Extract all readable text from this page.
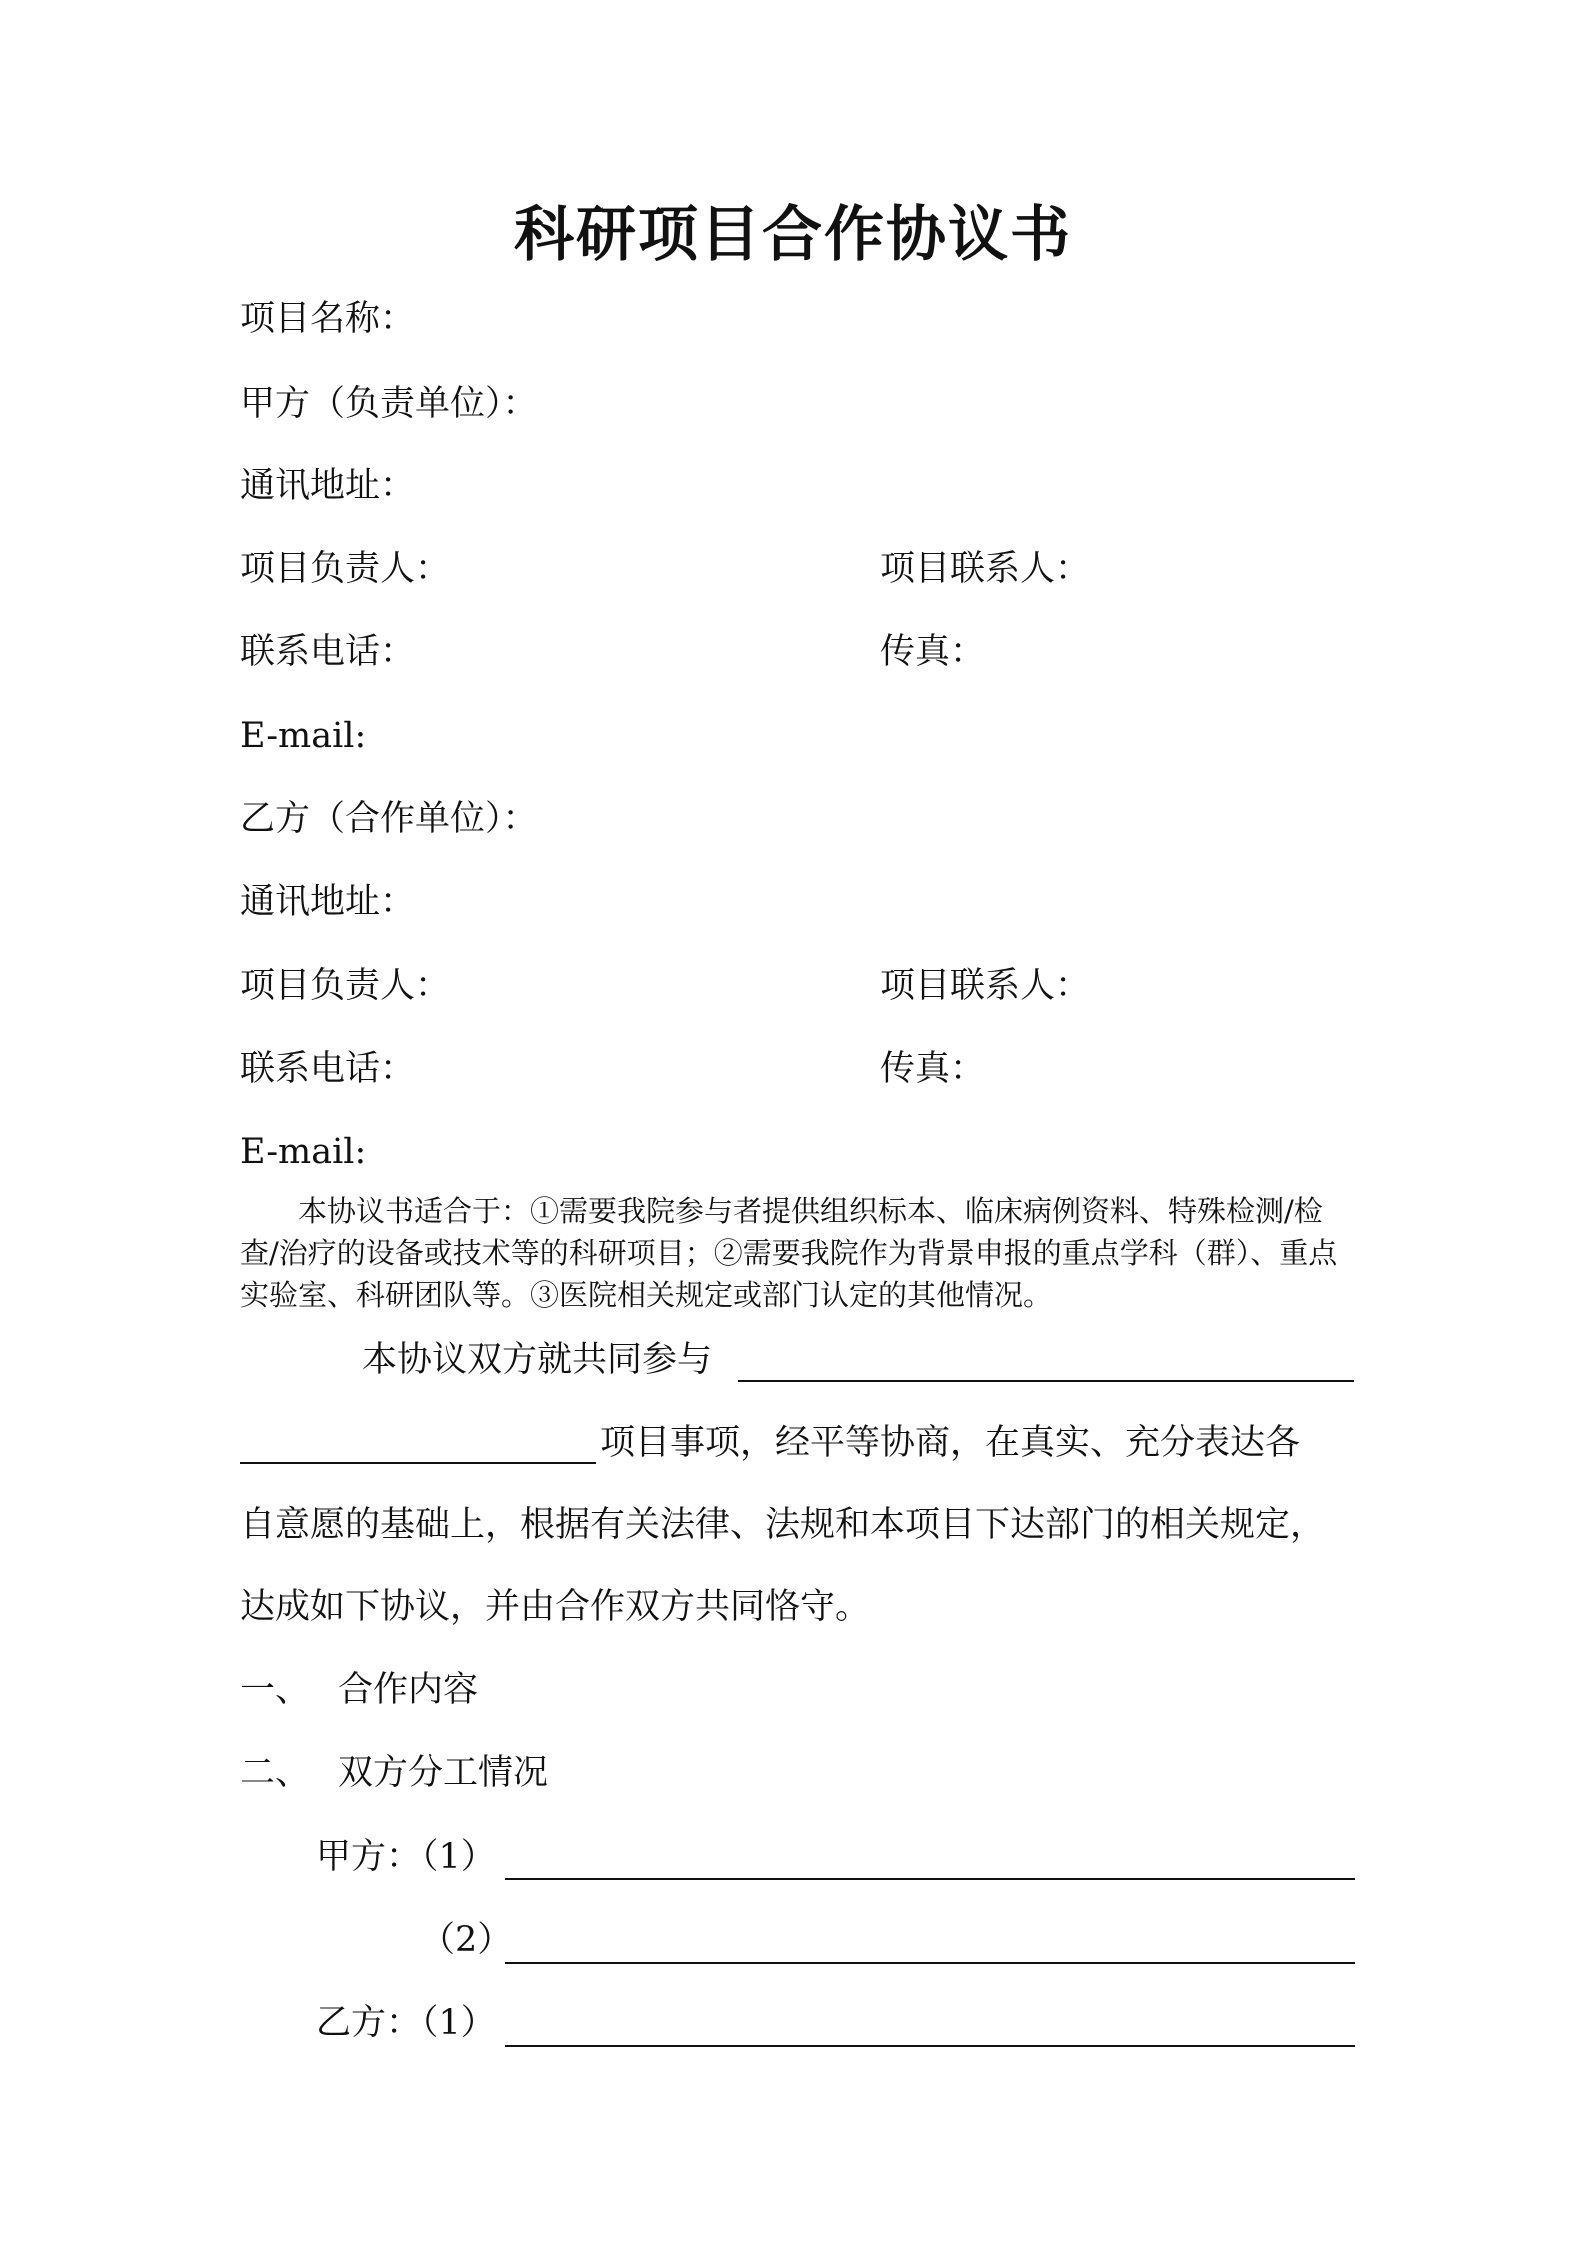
科研项目合作协议书
项目名称：
甲方（负责单位）：
通讯地址：
项目负责人：	项目联系人：
联系电话：	传真：
E-mail:
乙方（合作单位）：
通讯地址：
项目负责人：	项目联系人：
联系电话：	传真：
E-mail:
本协议书适合于：①需要我院参与者提供组织标本、临床病例资料、特殊检测/检查/治疗的设备或技术等的科研项目；②需要我院作为背景申报的重点学科（群）、重点实验室、科研团队等。③医院相关规定或部门认定的其他情况。
本协议双方就共同参与
项目事项，经平等协商，在真实、充分表达各
自意愿的基础上，根据有关法律、法规和本项目下达部门的相关规定，
达成如下协议，并由合作双方共同恪守。
一、 合作内容
二、 双方分工情况
甲方：（1）
（2）
乙方：（1）
